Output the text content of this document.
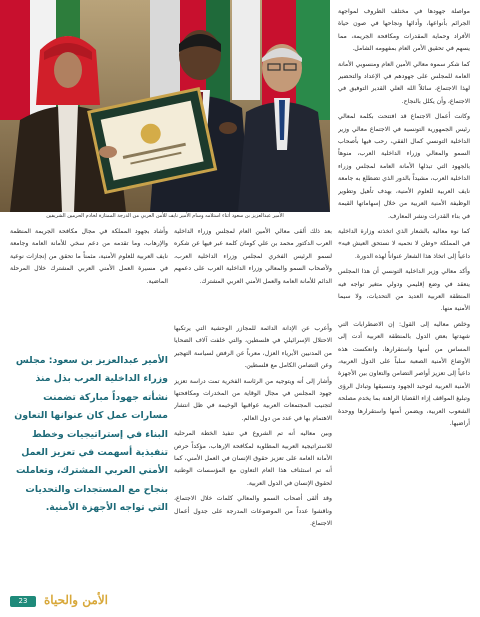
الأمير عبدالعزيز بن سعود أثناء استلامه وسام الأمير نايف للأمن العربي من الدرجة الممتازة لخادم الحرمين الشريفين

مواصلة جهودها في مختلف الظروف لمواجهة الجرائم بأنواعها، وأدائها ونجاحها في صون حياة الأفراد وحماية المقدرات ومكافحة الجريمة، مما يسهم في تحقيق الأمن العام بمفهومه الشامل.

كما شكر سموه معالي الأمين العام ومنسوبي الأمانة العامة للمجلس على جهودهم في الإعداد والتحضير لهذا الاجتماع، سائلاً الله العلي القدير التوفيق في الاجتماع، وأن يكلل بالنجاح.

وكانت أعمال الاجتماع قد افتتحت بكلمة لمعالي رئيس الجمهورية التونسية في الاجتماع معالي وزير الداخلية التونسي كمال الفقي، رحب فيها بأصحاب السمو والمعالي وزراء الداخلية العرب، منوهاً بالجهود التي تبذلها الأمانة العامة لمجلس وزراء الداخلية العرب، مشيداً بالدور الذي تضطلع به جامعة نايف العربية للعلوم الأمنية، بهدف تأهيل وتطوير الوظيفة الأمنية العربية من خلال إسهاماتها القيمة في بناء القدرات ونشر المعارف.

كما نوه معاليه بالشعار الذي اتخذته وزارة الداخلية في المملكة «وطن لا نحميه لا نستحق العيش فيه» داعياً إلى اتخاذ هذا الشعار عنواناً لهذه الدورة.

وأكد معالي وزير الداخلية التونسي أن هذا المجلس ينعقد في وضع إقليمي ودولي متغير تواجه فيه المنطقة العربية العديد من التحديات، ولا سيما الأمنية منها.

وخلص معاليه إلى القول: إن الاضطرابات التي شهدتها بعض الدول بالمنطقة العربية أدت إلى المساس من أمنها واستقرارها، وانعكست هذه الأوضاع الأمنية الصعبة سلباً على الدول العربية، داعياً إلى تعزيز أواصر التضامن والتعاون بين الأجهزة الأمنية العربية لتوحيد الجهود وتنسيقها وتبادل الرؤى وتبليغ المواقف إزاء القضايا الراهنة بما يخدم مصلحة الشعوب العربية، ويضمن أمنها واستقرارها ووحدة أراضيها.

بعد ذلك ألقى معالي الأمين العام لمجلس وزراء الداخلية العرب الدكتور محمد بن علي كومان كلمة عبر فيها عن شكره لسمو الرئيس الفخري لمجلس وزراء الداخلية العرب، ولأصحاب السمو والمعالي وزراء الداخلية العرب على دعمهم الدائم للأمانة العامة والعمل الأمني العربي المشترك.

وأعرب عن الإدانة الدائمة للمجازر الوحشية التي يرتكبها الاحتلال الإسرائيلي في فلسطين، والتي خلفت آلاف الضحايا من المدنيين الأبرياء العزل، معرباً عن الرفض لسياسة التهجير وعن التضامن الكامل مع فلسطين.

وأشار إلى أنه ويتوجيه من الرئاسة الفخرية تمت دراسة تعزيز جهود المجلس في مجال الوقاية من المخدرات ومكافحتها لتجنيب المجتمعات العربية عواقبها الوخيمة في ظل انتشار الاهتمام بها في عدد من دول العالم.

وبين معاليه أنه تم الشروع في تنفيذ الخطة المرحلية للاستراتيجية العربية المطلوبة لمكافحة الإرهاب، مؤكداً حرص الأمانة العامة على تعزيز حقوق الإنسان في العمل الأمني، كما أنه تم استئناف هذا العام التعاون مع المؤسسات الوطنية لحقوق الإنسان في الدول العربية.

وقد ألقى أصحاب السمو والمعالي كلمات خلال الاجتماع، وناقشوا عدداً من الموضوعات المدرجة على جدول أعمال الاجتماع.

وأشاد بجهود المملكة في مجال مكافحة الجريمة المنظمة والإرهاب، وما تقدمه من دعم سخي للأمانة العامة وجامعة نايف العربية للعلوم الأمنية، مثمناً ما تحقق من إنجازات نوعية في مسيرة العمل الأمني العربي المشترك خلال المرحلة الماضية.

الأمير عبدالعزيز بن سعود: مجلس وزراء الداخلية العرب بذل منذ نشأته جهوداً مباركة تضمنت مسارات عمل كان عنوانها التعاون البناء في إستراتيجيات وخطط تنفيذية أسهمت في تعزيز العمل الأمني العربي المشترك، وتعاملت بنجاح مع المستجدات والتحديات التي تواجه الأجهزة الأمنية.

23	الأمن والحياة
